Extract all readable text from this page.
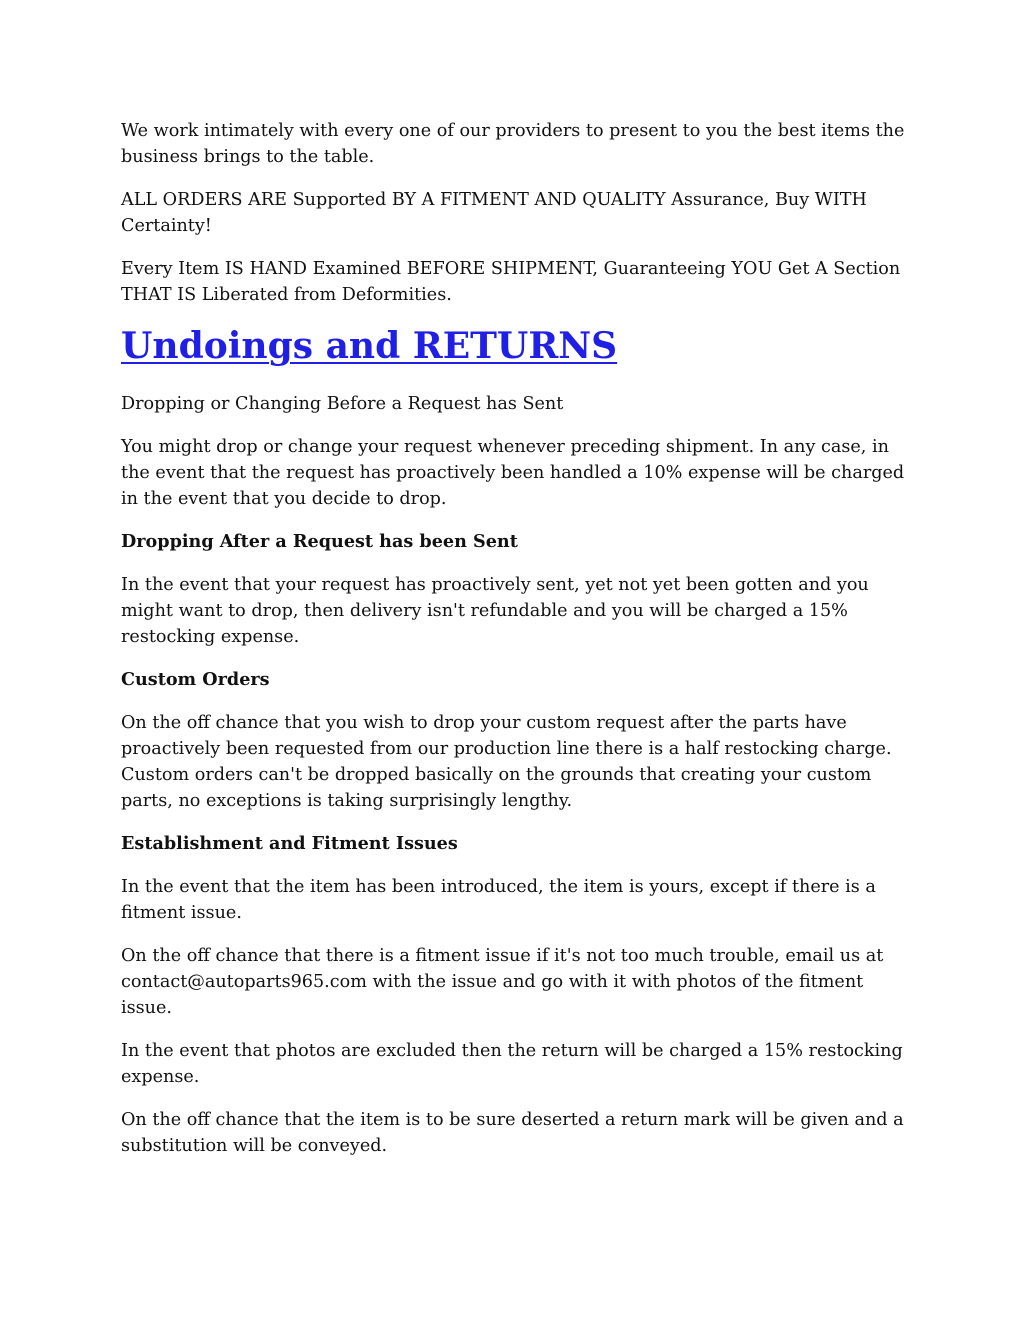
We work intimately with every one of our providers to present to you the best items the business brings to the table.

ALL ORDERS ARE Supported BY A FITMENT AND QUALITY Assurance, Buy WITH Certainty!

Every Item IS HAND Examined BEFORE SHIPMENT, Guaranteeing YOU Get A Section THAT IS Liberated from Deformities.

Undoings and RETURNS

Dropping or Changing Before a Request has Sent

You might drop or change your request whenever preceding shipment. In any case, in the event that the request has proactively been handled a 10% expense will be charged in the event that you decide to drop.

Dropping After a Request has been Sent

In the event that your request has proactively sent, yet not yet been gotten and you might want to drop, then delivery isn't refundable and you will be charged a 15% restocking expense.

Custom Orders

On the off chance that you wish to drop your custom request after the parts have proactively been requested from our production line there is a half restocking charge. Custom orders can't be dropped basically on the grounds that creating your custom parts, no exceptions is taking surprisingly lengthy.

Establishment and Fitment Issues

In the event that the item has been introduced, the item is yours, except if there is a fitment issue.

On the off chance that there is a fitment issue if it's not too much trouble, email us at contact@autoparts965.com with the issue and go with it with photos of the fitment issue.

In the event that photos are excluded then the return will be charged a 15% restocking expense.

On the off chance that the item is to be sure deserted a return mark will be given and a substitution will be conveyed.
